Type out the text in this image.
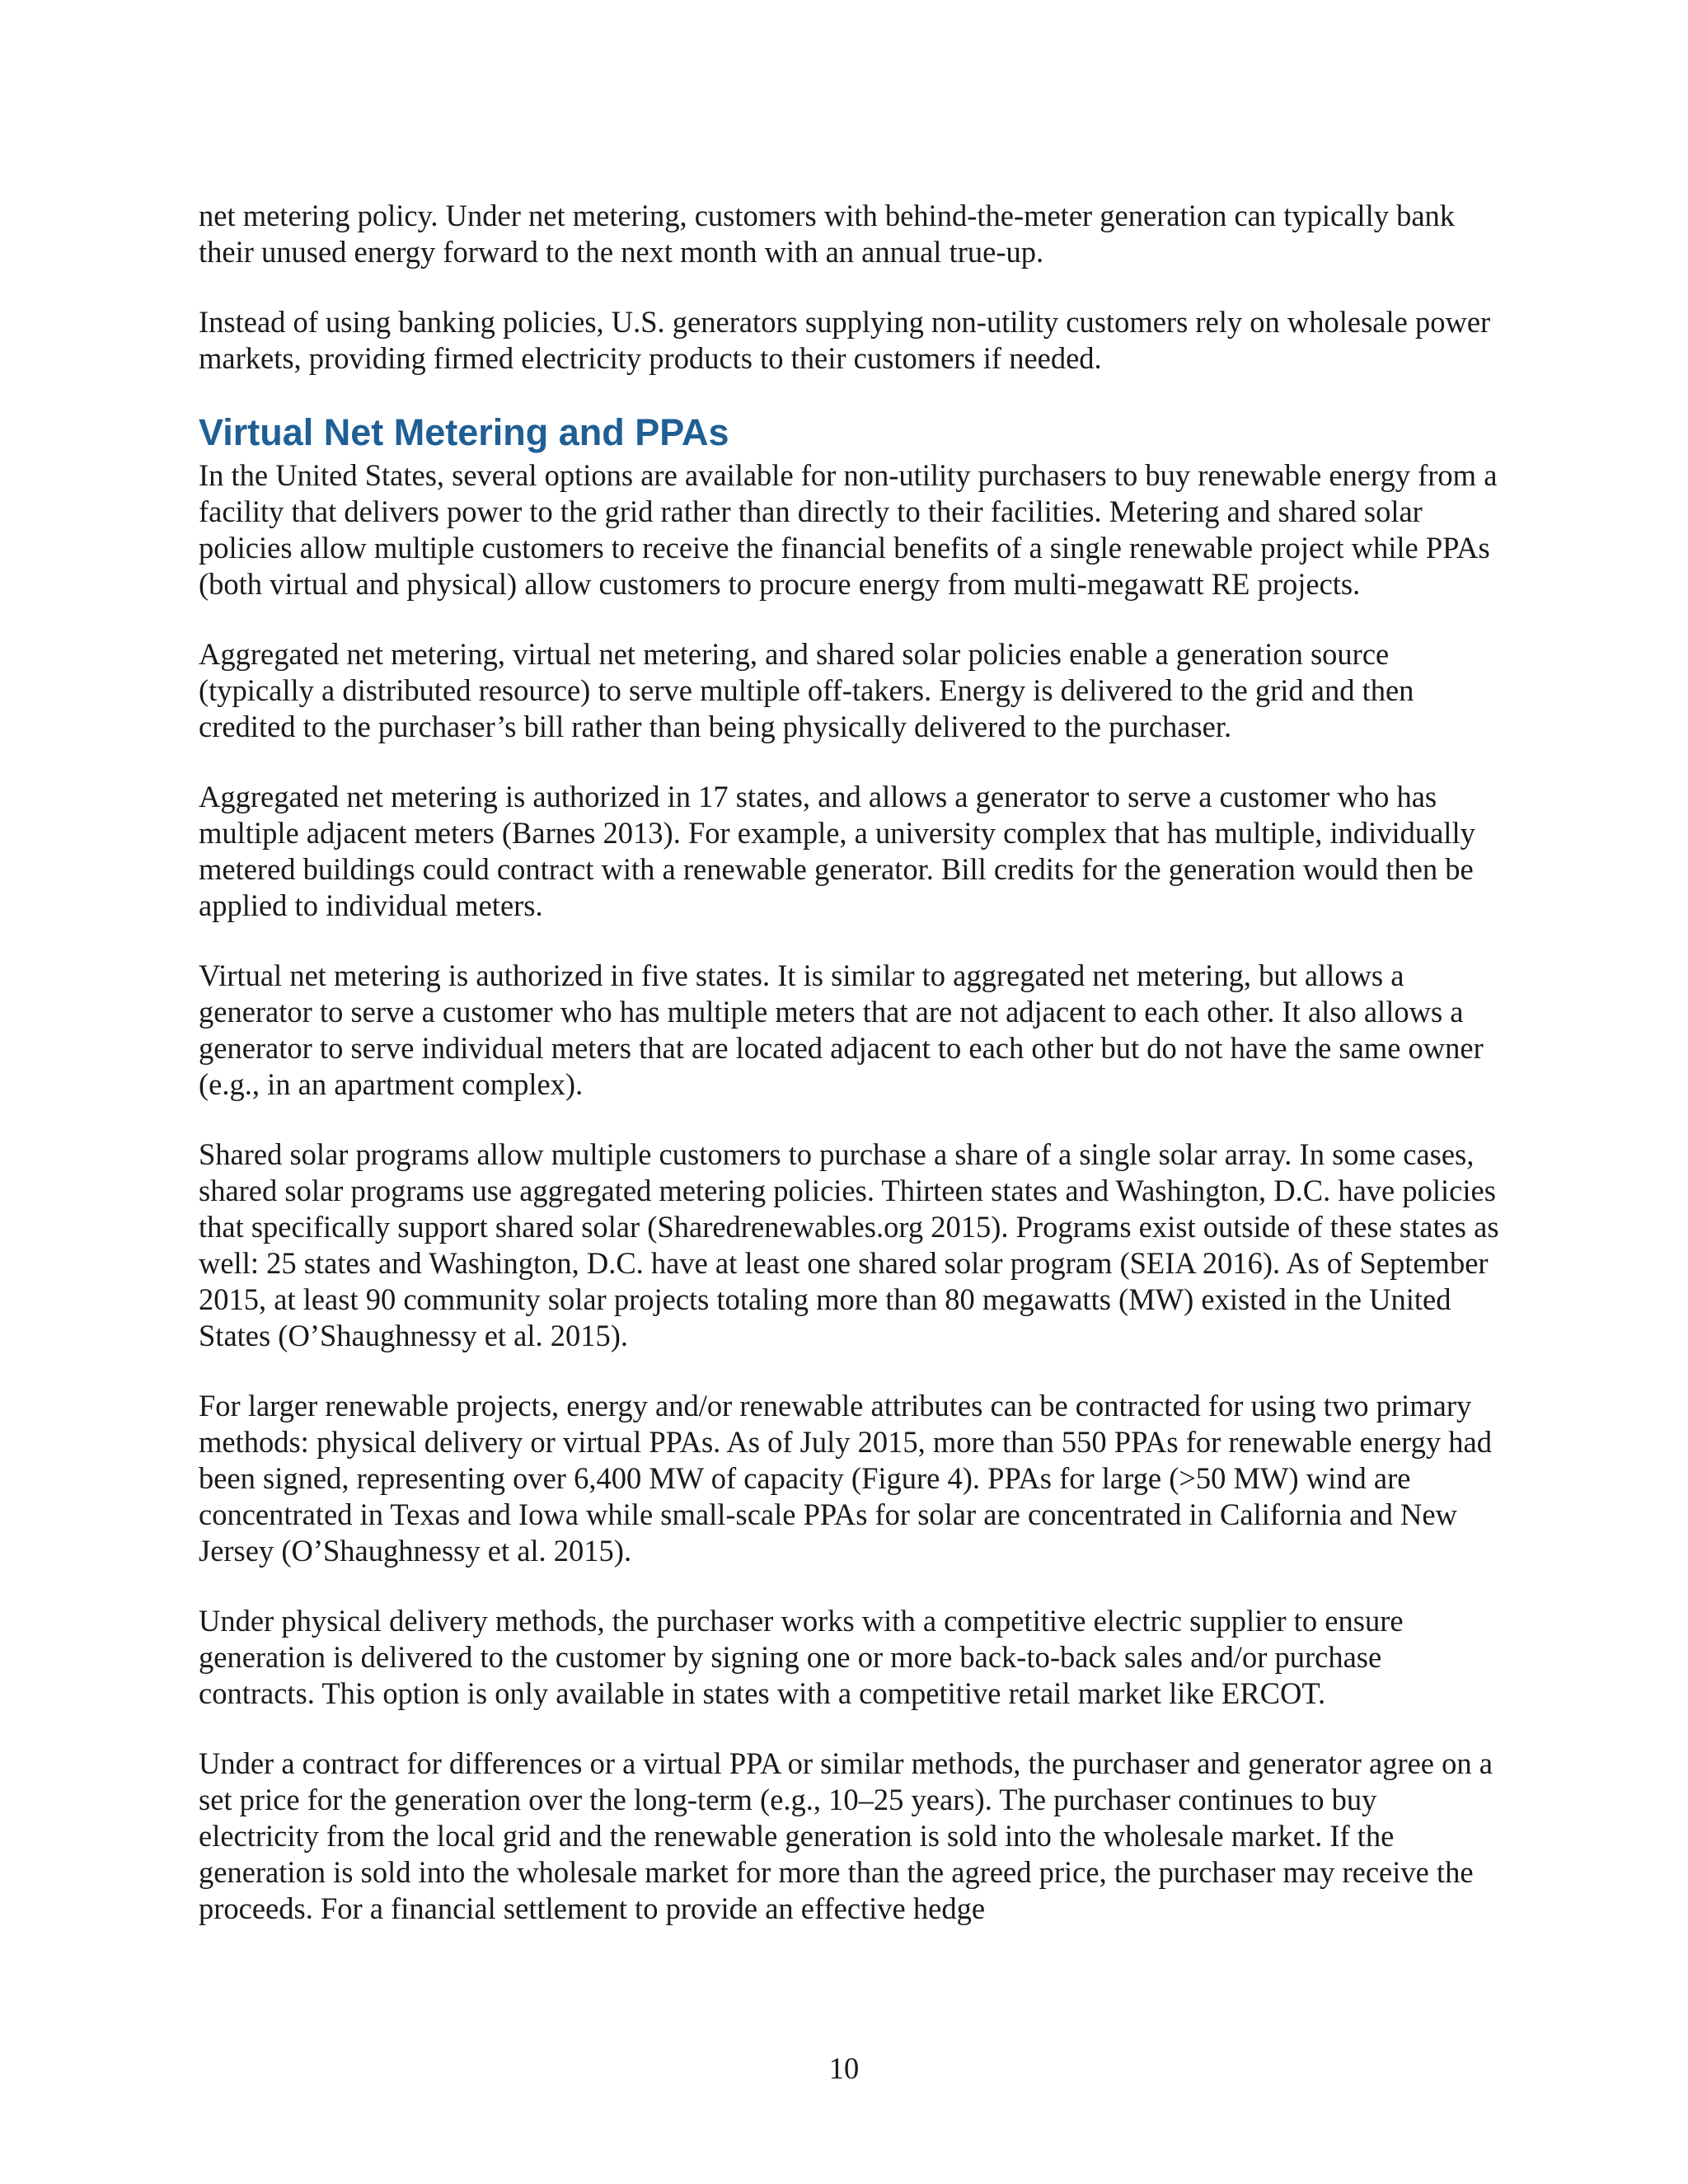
net metering policy. Under net metering, customers with behind-the-meter generation can typically bank their unused energy forward to the next month with an annual true-up.

Instead of using banking policies, U.S. generators supplying non-utility customers rely on wholesale power markets, providing firmed electricity products to their customers if needed.

Virtual Net Metering and PPAs

In the United States, several options are available for non-utility purchasers to buy renewable energy from a facility that delivers power to the grid rather than directly to their facilities. Metering and shared solar policies allow multiple customers to receive the financial benefits of a single renewable project while PPAs (both virtual and physical) allow customers to procure energy from multi-megawatt RE projects.

Aggregated net metering, virtual net metering, and shared solar policies enable a generation source (typically a distributed resource) to serve multiple off-takers. Energy is delivered to the grid and then credited to the purchaser’s bill rather than being physically delivered to the purchaser.

Aggregated net metering is authorized in 17 states, and allows a generator to serve a customer who has multiple adjacent meters (Barnes 2013). For example, a university complex that has multiple, individually metered buildings could contract with a renewable generator. Bill credits for the generation would then be applied to individual meters.

Virtual net metering is authorized in five states. It is similar to aggregated net metering, but allows a generator to serve a customer who has multiple meters that are not adjacent to each other. It also allows a generator to serve individual meters that are located adjacent to each other but do not have the same owner (e.g., in an apartment complex).

Shared solar programs allow multiple customers to purchase a share of a single solar array. In some cases, shared solar programs use aggregated metering policies. Thirteen states and Washington, D.C. have policies that specifically support shared solar (Sharedrenewables.org 2015). Programs exist outside of these states as well: 25 states and Washington, D.C. have at least one shared solar program (SEIA 2016). As of September 2015, at least 90 community solar projects totaling more than 80 megawatts (MW) existed in the United States (O’Shaughnessy et al. 2015).

For larger renewable projects, energy and/or renewable attributes can be contracted for using two primary methods: physical delivery or virtual PPAs. As of July 2015, more than 550 PPAs for renewable energy had been signed, representing over 6,400 MW of capacity (Figure 4). PPAs for large (>50 MW) wind are concentrated in Texas and Iowa while small-scale PPAs for solar are concentrated in California and New Jersey (O’Shaughnessy et al. 2015).

Under physical delivery methods, the purchaser works with a competitive electric supplier to ensure generation is delivered to the customer by signing one or more back-to-back sales and/or purchase contracts. This option is only available in states with a competitive retail market like ERCOT.

Under a contract for differences or a virtual PPA or similar methods, the purchaser and generator agree on a set price for the generation over the long-term (e.g., 10–25 years). The purchaser continues to buy electricity from the local grid and the renewable generation is sold into the wholesale market. If the generation is sold into the wholesale market for more than the agreed price, the purchaser may receive the proceeds. For a financial settlement to provide an effective hedge

10
